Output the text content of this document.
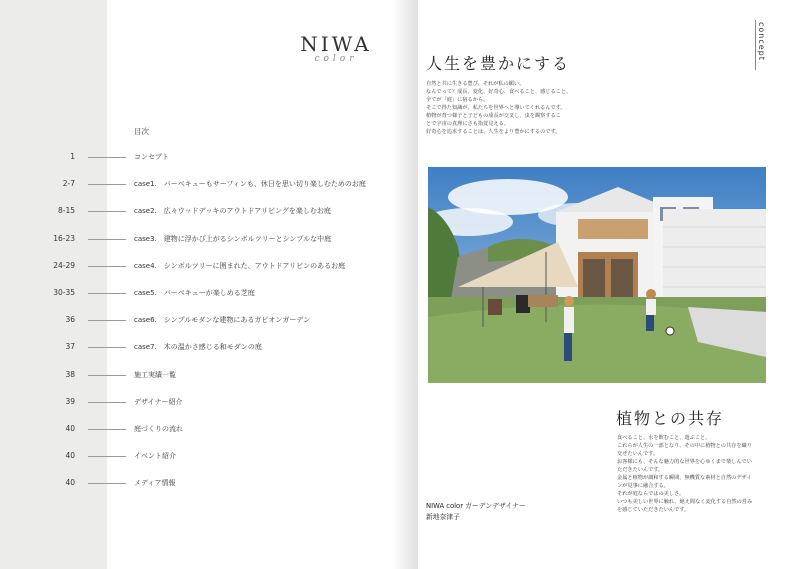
NIWA
color
目次
1	コンセプト
2-7	case1.　バーベキューもサーフィンも、休日を思い切り楽しむためのお庭
8-15	case2.　広々ウッドデッキのアウトドアリビングを楽しむお庭
16-23	case3.　建物に浮かび上がるシンボルツリーとシンプルな中庭
24-29	case4.　シンボルツリーに囲まれた、アウトドアリビンのあるお庭
30-35	case5.　バーベキューが楽しめる芝庭
36	case6.　シンプルモダンな建物にあるガビオンガーデン
37	case7.　木の温かさ感じる和モダンの庭
38	施工実績一覧
39	デザイナー紹介
40	庭づくりの流れ
40	イベント紹介
40	メディア情報
concept
人生を豊かにする
自然と共に生きる豊び、それが私の願い。
なんでって？成長、変化、好奇心、食べること、感じること、
全てが「庭」に宿るから。
そこで得た知識が、私たちを世界へと導いてくれるんです。
植物が育つ様子と子どもの成長が交叉し、虫を観察するこ
とで宇宙の真理にさも指覚見える。
好奇心を追求することは、人生をより豊かにするのです。
植物との共存
食べること、水を飲むこと、遊ぶこと。
これらが人生の一部となり、その中に植物との共存を織り
交ぜたいんです。
お客様にも、そんな魅力的な世界を心ゆくまで楽しんでい
ただきたいんです。
金属と植物が調和する瞬間、無機質な素材と自然のデザイ
ンが見事に融合する。
それが庭ならではの美しさ。
いつも美しい世界に触れ、絶え間なく変化する自然の営み
を感じていただきたいんです。
NIWA color ガーデンデザイナー
新地奈津子
